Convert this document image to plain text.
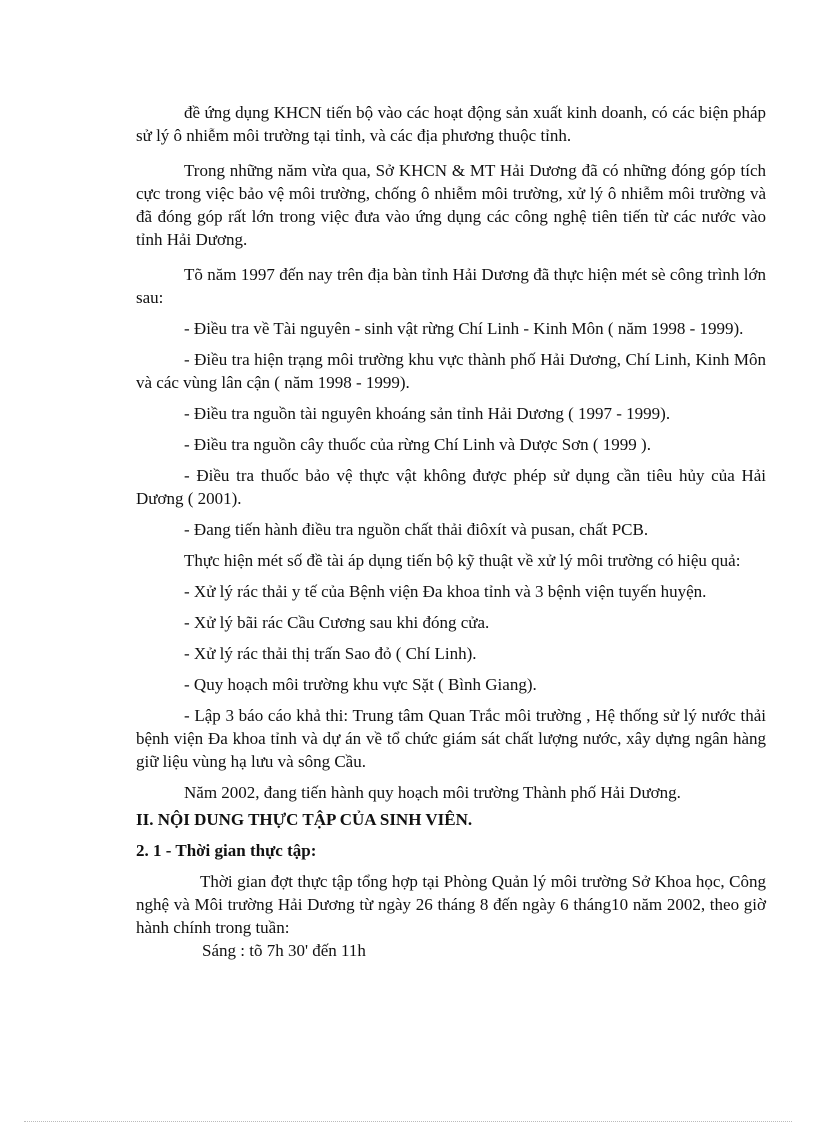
đề ứng dụng KHCN tiến bộ vào các hoạt động sản xuất kinh doanh, có các biện pháp sử lý ô nhiễm môi trường tại tỉnh, và các địa phương thuộc tỉnh.

Trong những năm vừa qua, Sở KHCN & MT Hải Dương đã có những đóng góp tích cực trong việc bảo vệ môi trường, chống ô nhiễm môi trường, xử lý ô nhiễm môi trường và đã đóng góp rất lớn trong việc đưa vào ứng dụng các công nghệ tiên tiến từ các nước vào tỉnh Hải Dương.

Tõ năm 1997 đến nay trên địa bàn tỉnh Hải Dương đã thực hiện mét sè công trình lớn sau:

- Điều tra về Tài nguyên - sinh vật rừng Chí Linh - Kinh Môn ( năm 1998 - 1999).

- Điều tra hiện trạng môi trường khu vực thành phố Hải Dương, Chí Linh, Kinh Môn và các vùng lân cận ( năm 1998 - 1999).

- Điều tra nguồn tài nguyên khoáng sản tỉnh Hải Dương ( 1997 - 1999).

- Điều tra nguồn cây thuốc của rừng Chí Linh và Dược Sơn ( 1999 ).

- Điều tra thuốc bảo vệ thực vật không được phép sử dụng cần tiêu hủy của Hải Dương ( 2001).

- Đang tiến hành điều tra nguồn chất thải điôxít và pusan, chất PCB.

Thực hiện mét số đề tài áp dụng tiến bộ kỹ thuật về xử lý môi trường có hiệu quả:

- Xử lý rác thải y tế của Bệnh viện Đa khoa tỉnh và 3 bệnh viện tuyến huyện.

- Xử lý bãi rác Cầu Cương sau khi đóng cửa.

- Xử lý rác thải thị trấn Sao đỏ ( Chí Linh).

- Quy hoạch môi trường khu vực Sặt ( Bình Giang).

- Lập 3 báo cáo khả thi: Trung tâm Quan Trắc môi trường , Hệ thống sử lý nước thải bệnh viện Đa khoa tỉnh và dự án về tổ chức giám sát chất lượng nước, xây dựng ngân hàng giữ liệu vùng hạ lưu và sông Cầu.

Năm 2002, đang tiến hành quy hoạch môi trường Thành phố Hải Dương.

II. NỘI DUNG THỰC TẬP CỦA SINH VIÊN.
2. 1 - Thời gian thực tập:

Thời gian đợt thực tập tổng hợp tại Phòng Quản lý môi trường Sở Khoa học, Công nghệ và Môi trường Hải Dương từ ngày 26 tháng 8 đến ngày 6 tháng10 năm 2002, theo giờ hành chính trong tuần:

Sáng : tõ 7h 30' đến 11h
